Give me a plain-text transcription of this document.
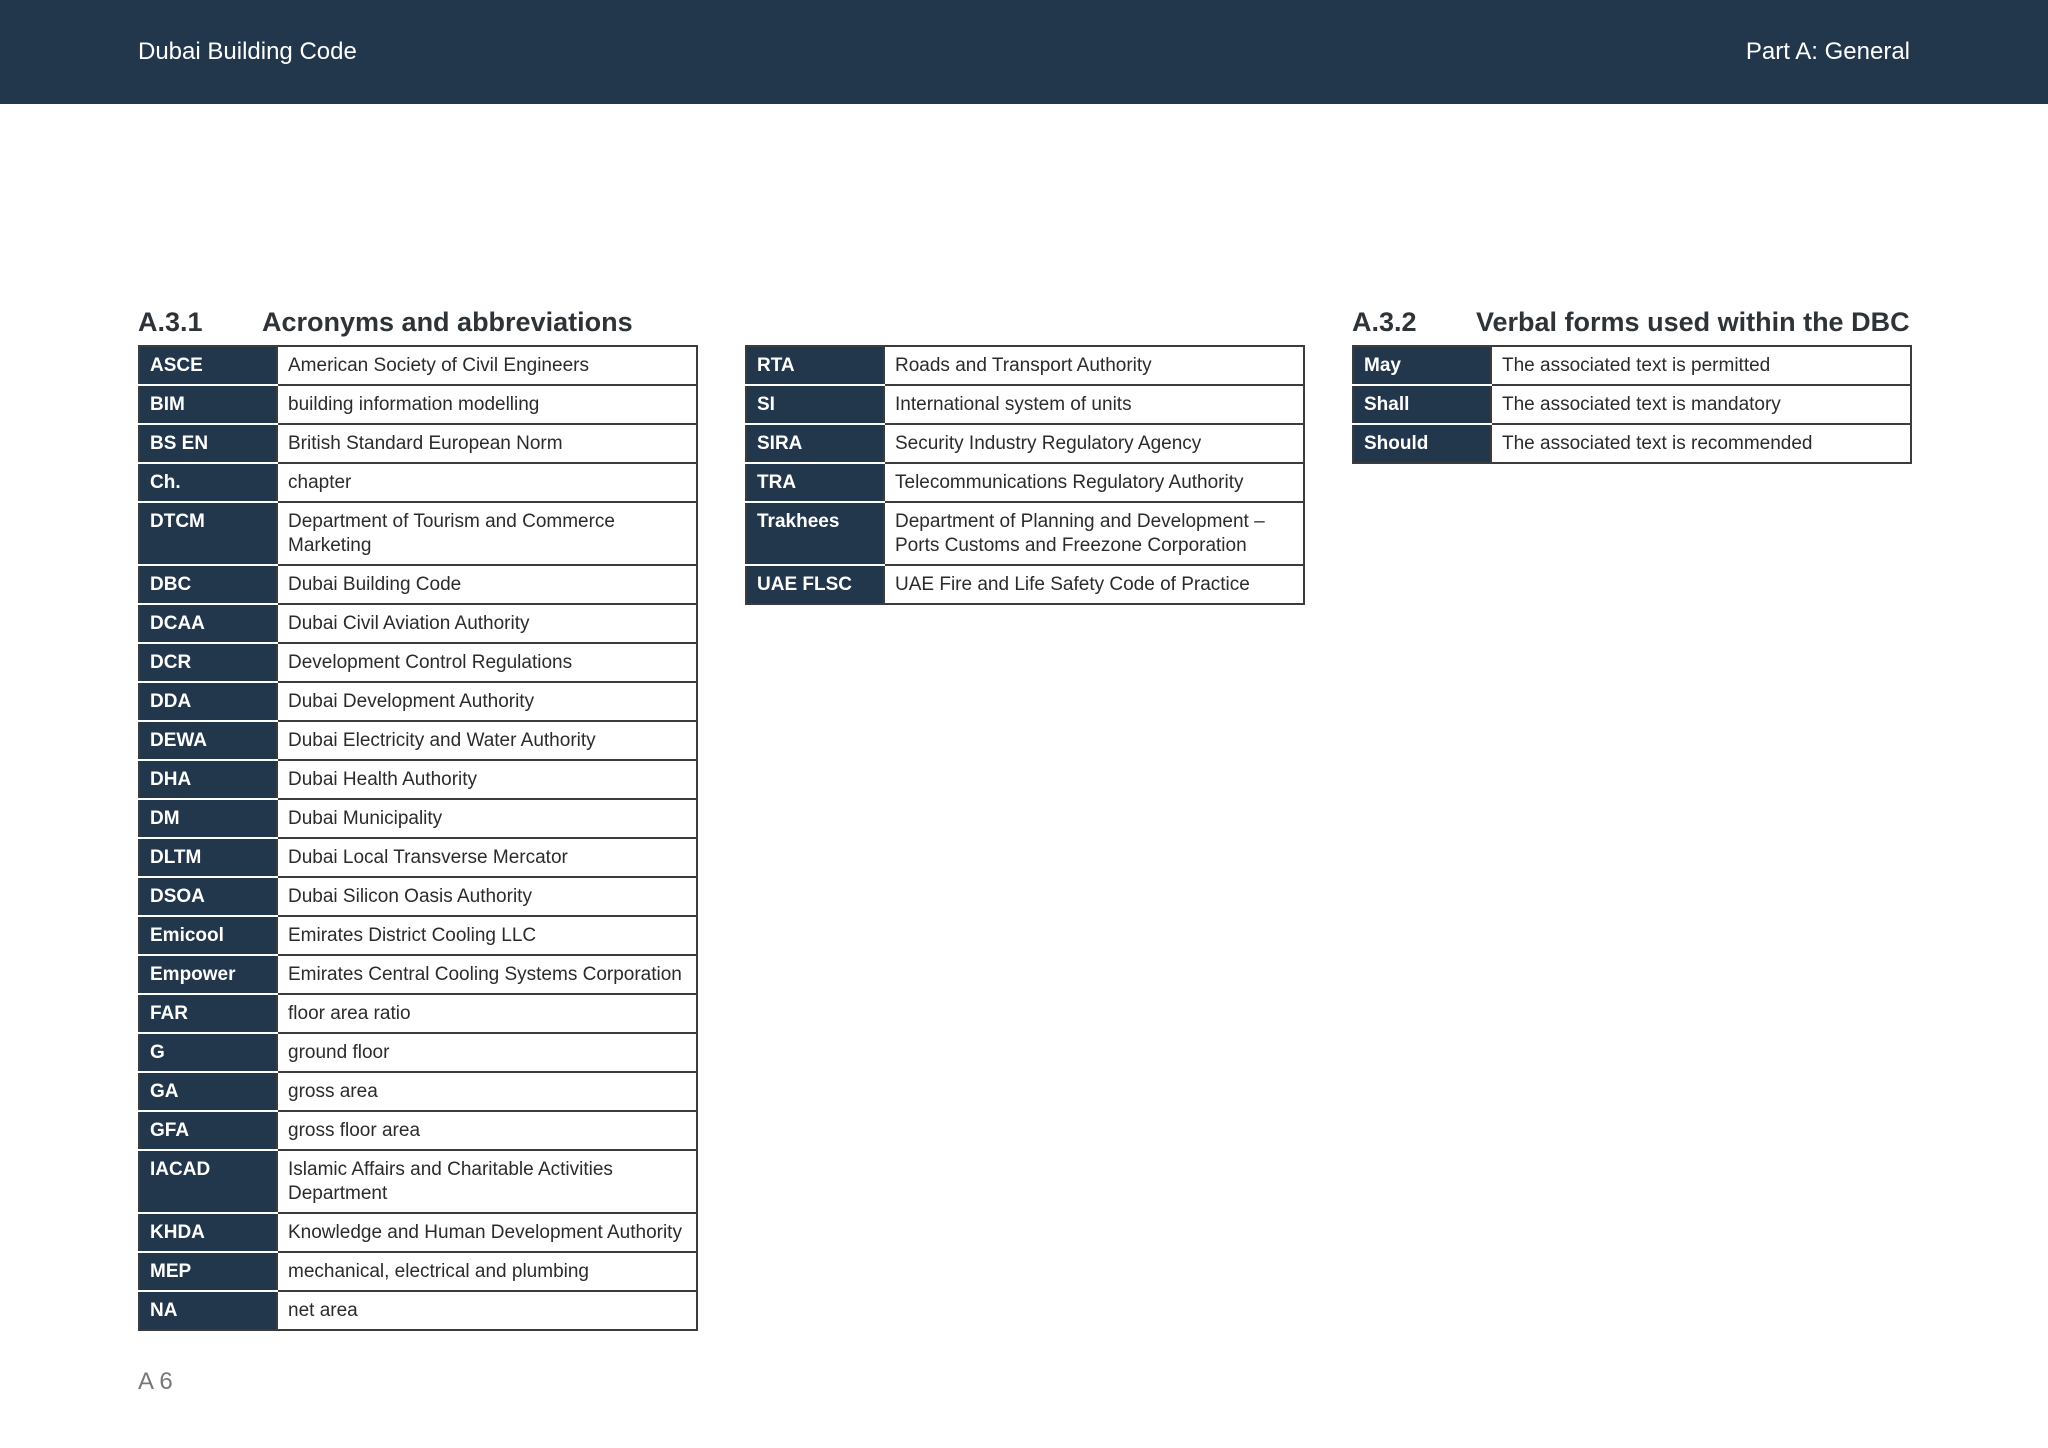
Dubai Building Code	Part A: General
A.3.1 Acronyms and abbreviations	A.3.2 Verbal forms used within the DBC
ASCE	American Society of Civil Engineers
BIM	building information modelling
BS EN	British Standard European Norm
Ch.	chapter
DTCM	Department of Tourism and Commerce Marketing
DBC	Dubai Building Code
DCAA	Dubai Civil Aviation Authority
DCR	Development Control Regulations
DDA	Dubai Development Authority
DEWA	Dubai Electricity and Water Authority
DHA	Dubai Health Authority
DM	Dubai Municipality
DLTM	Dubai Local Transverse Mercator
DSOA	Dubai Silicon Oasis Authority
Emicool	Emirates District Cooling LLC
Empower	Emirates Central Cooling Systems Corporation
FAR	floor area ratio
G	ground floor
GA	gross area
GFA	gross floor area
IACAD	Islamic Affairs and Charitable Activities Department
KHDA	Knowledge and Human Development Authority
MEP	mechanical, electrical and plumbing
NA	net area
RTA	Roads and Transport Authority
SI	International system of units
SIRA	Security Industry Regulatory Agency
TRA	Telecommunications Regulatory Authority
Trakhees	Department of Planning and Development – Ports Customs and Freezone Corporation
UAE FLSC	UAE Fire and Life Safety Code of Practice
May	The associated text is permitted
Shall	The associated text is mandatory
Should	The associated text is recommended
A 6
